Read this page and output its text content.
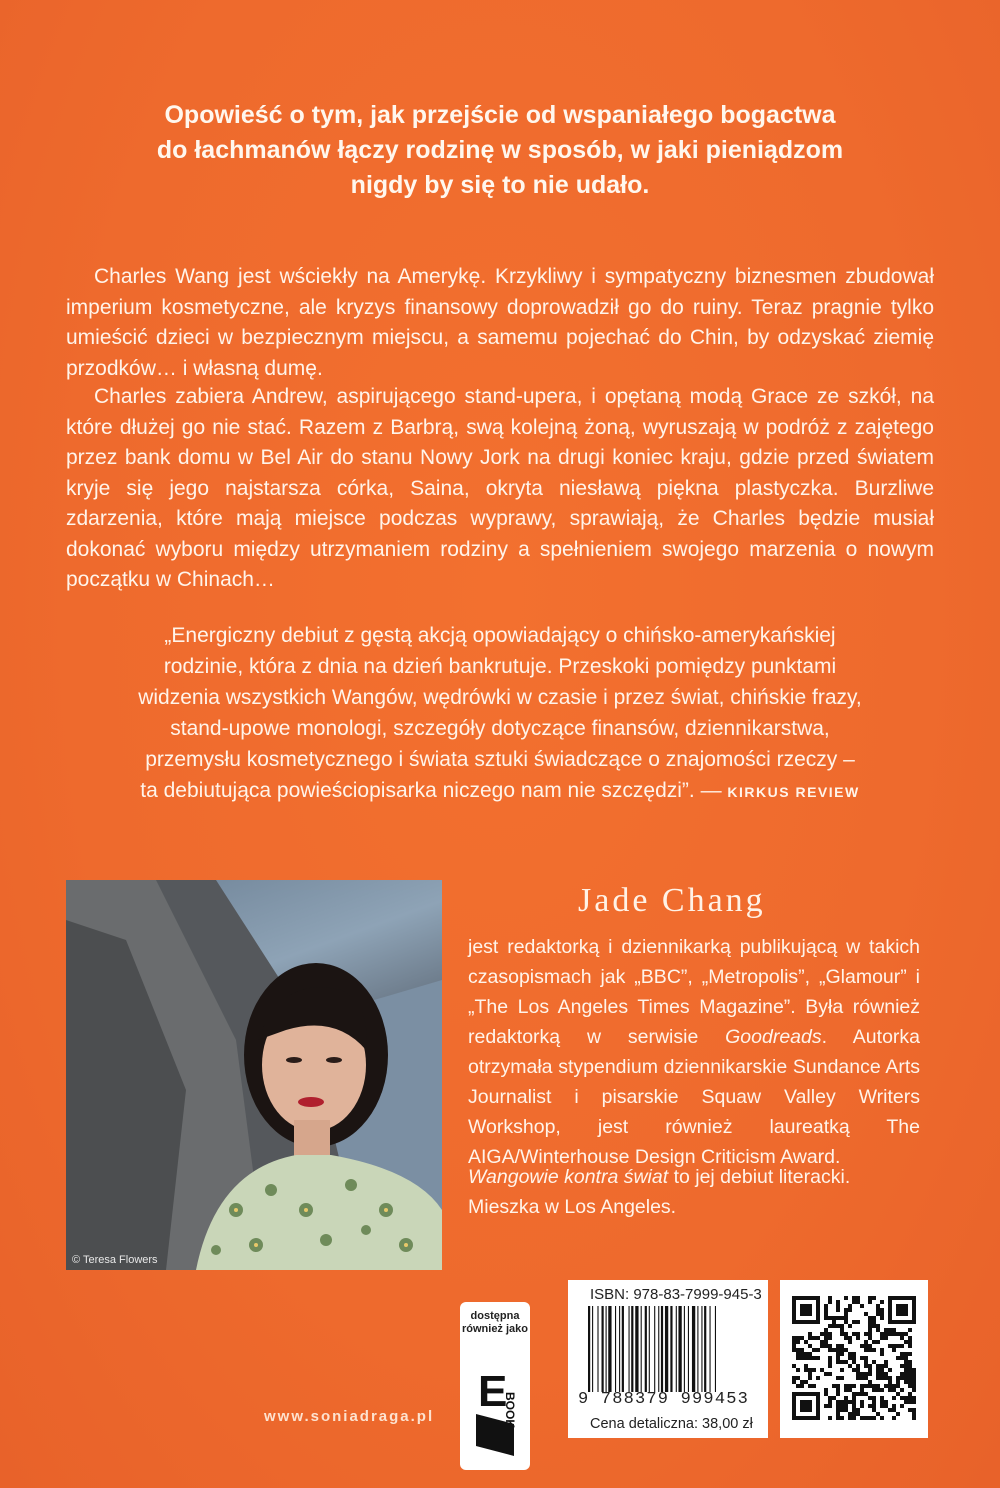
Opowieść o tym, jak przejście od wspaniałego bogactwa
do łachmanów łączy rodzinę w sposób, w jaki pieniądzom
nigdy by się to nie udało.

Charles Wang jest wściekły na Amerykę. Krzykliwy i sympatyczny biznesmen zbudował imperium kosmetyczne, ale kryzys finansowy doprowadził go do ruiny. Teraz pragnie tylko umieścić dzieci w bezpiecznym miejscu, a samemu pojechać do Chin, by odzyskać ziemię przodków… i własną dumę.

Charles zabiera Andrew, aspirującego stand-upera, i opętaną modą Grace ze szkół, na które dłużej go nie stać. Razem z Barbrą, swą kolejną żoną, wyruszają w podróż z zajętego przez bank domu w Bel Air do stanu Nowy Jork na drugi koniec kraju, gdzie przed światem kryje się jego najstarsza córka, Saina, okryta niesławą piękna plastyczka. Burzliwe zdarzenia, które mają miejsce podczas wyprawy, sprawiają, że Charles będzie musiał dokonać wyboru między utrzymaniem rodziny a spełnieniem swojego marzenia o nowym początku w Chinach…

„Energiczny debiut z gęstą akcją opowiadający o chińsko-amerykańskiej
rodzinie, która z dnia na dzień bankrutuje. Przeskoki pomiędzy punktami
widzenia wszystkich Wangów, wędrówki w czasie i przez świat, chińskie frazy,
stand-upowe monologi, szczegóły dotyczące finansów, dziennikarstwa,
przemysłu kosmetycznego i świata sztuki świadczące o znajomości rzeczy –
ta debiutująca powieściopisarka niczego nam nie szczędzi”. — KIRKUS REVIEW
© Teresa Flowers
Jade Chang

jest redaktorką i dziennikarką publikującą w takich czasopismach jak „BBC”, „Metropolis”, „Glamour” i „The Los Angeles Times Magazine”. Była również redaktorką w serwisie Goodreads. Autorka otrzymała stypendium dziennikarskie Sundance Arts Journalist i pisarskie Squaw Valley Writers Workshop, jest również laureatką The AIGA/Winterhouse Design Criticism Award.

Wangowie kontra świat to jej debiut literacki. Mieszka w Los Angeles.

dostępna
również jako
E
BOOK
ISBN: 978-83-7999-945-3
9 788379 999453
Cena detaliczna: 38,00 zł
www.soniadraga.pl
